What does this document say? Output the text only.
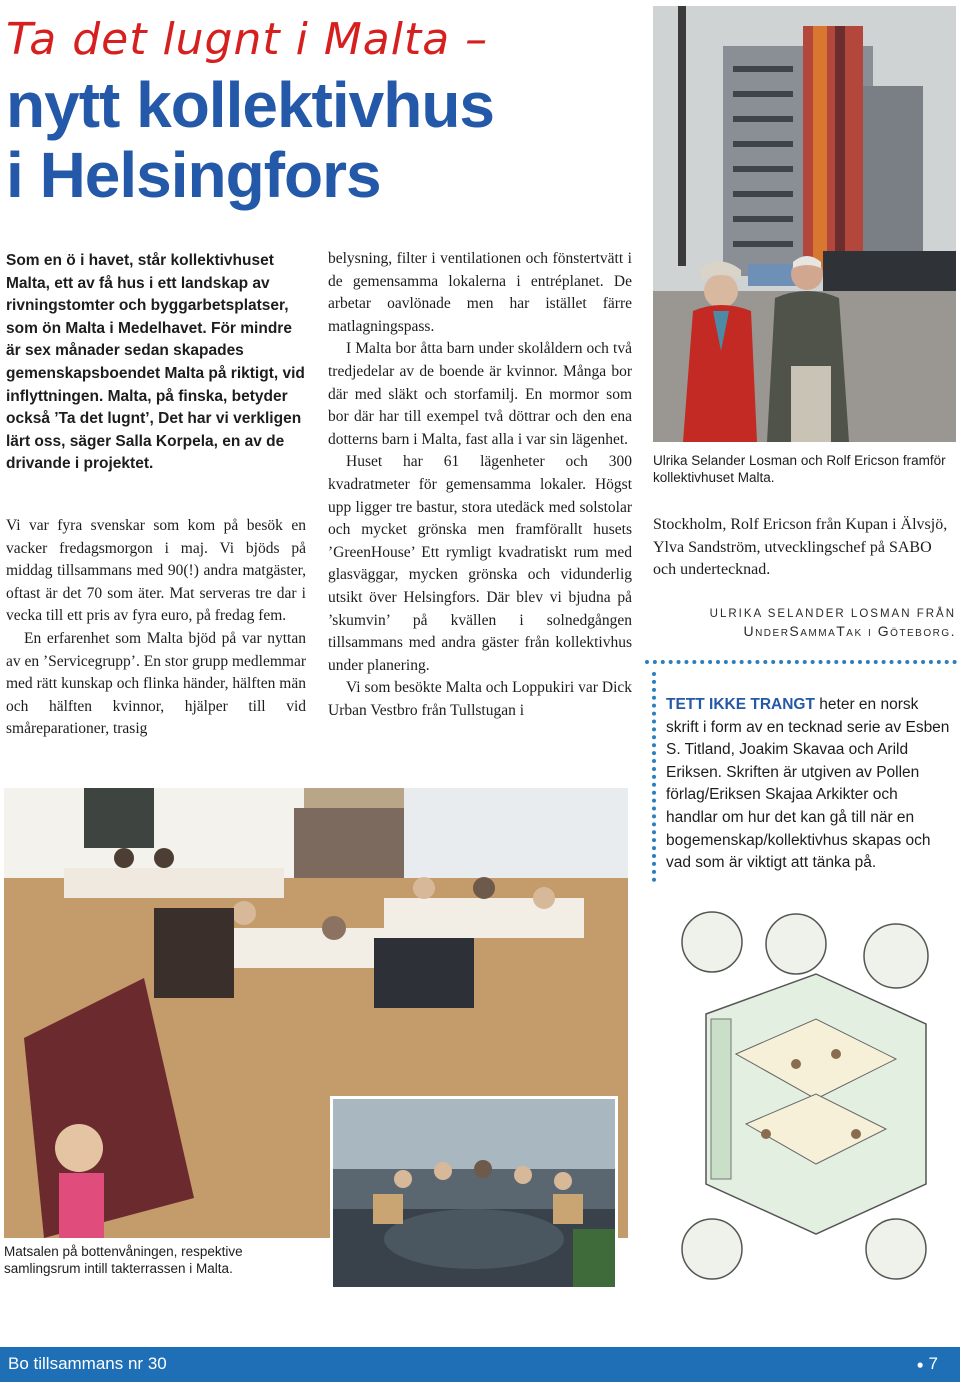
Ta det lugnt i Malta –
nytt kollektivhus
i Helsingfors
Som en ö i havet, står kollektivhuset Malta, ett av få hus i ett landskap av rivningstomter och byggarbetsplatser, som ön Malta i Medelhavet. För mindre är sex månader sedan skapades gemenskapsboendet Malta på riktigt, vid inflyttningen. Malta, på finska, betyder också ’Ta det lugnt’, Det har vi verkligen lärt oss, säger Salla Korpela, en av de drivande i projektet.

Vi var fyra svenskar som kom på besök en vacker fredagsmorgon i maj. Vi bjöds på middag tillsammans med 90(!) andra matgäster, oftast är det 70 som äter. Mat serveras tre dar i vecka till ett pris av fyra euro, på fredag fem.

En erfarenhet som Malta bjöd på var nyttan av en ’Servicegrupp’. En stor grupp medlemmar med rätt kunskap och flinka händer, hälften män och hälften kvinnor, hjälper till vid småreparationer, trasig

belysning, filter i ventilationen och fönstertvätt i de gemensamma lokalerna i entréplanet. De arbetar oavlönade men har istället färre matlagningspass.

I Malta bor åtta barn under skolåldern och två tredjedelar av de boende är kvinnor. Många bor där med släkt och storfamilj. En mormor som bor där har till exempel två döttrar och den ena dotterns barn i Malta, fast alla i var sin lägenhet.

Huset har 61 lägenheter och 300 kvadratmeter för gemensamma lokaler. Högst upp ligger tre bastur, stora utedäck med solstolar och mycket grönska men framförallt husets ’GreenHouse’ Ett rymligt kvadratiskt rum med glasväggar, mycken grönska och vidunderlig utsikt över Helsingfors. Där blev vi bjudna på ’skumvin’ på kvällen i solnedgången tillsammans med andra gäster från kollektivhus under planering.

Vi som besökte Malta och Loppukiri var Dick Urban Vestbro från Tullstugan i

Ulrika Selander Losman och Rolf Ericson framför kollektivhuset Malta.
Stockholm, Rolf Ericson från Kupan i Älvsjö, Ylva Sandström, utvecklingschef på SABO och undertecknad.
ULRIKA SELANDER LOSMAN FRÅN
UnderSammaTak i Göteborg.
TETT IKKE TRANGT heter en norsk skrift i form av en tecknad serie av Esben S. Titland, Joakim Skavaa och Arild Eriksen. Skriften är utgiven av Pollen förlag/Eriksen Skajaa Arkikter och handlar om hur det kan gå till när en bogemenskap/kollektivhus skapas och vad som är viktigt att tänka på.
Matsalen på bottenvåningen, respektive samlingsrum intill takterrassen i Malta.
Bo tillsammans nr 30	● 7
